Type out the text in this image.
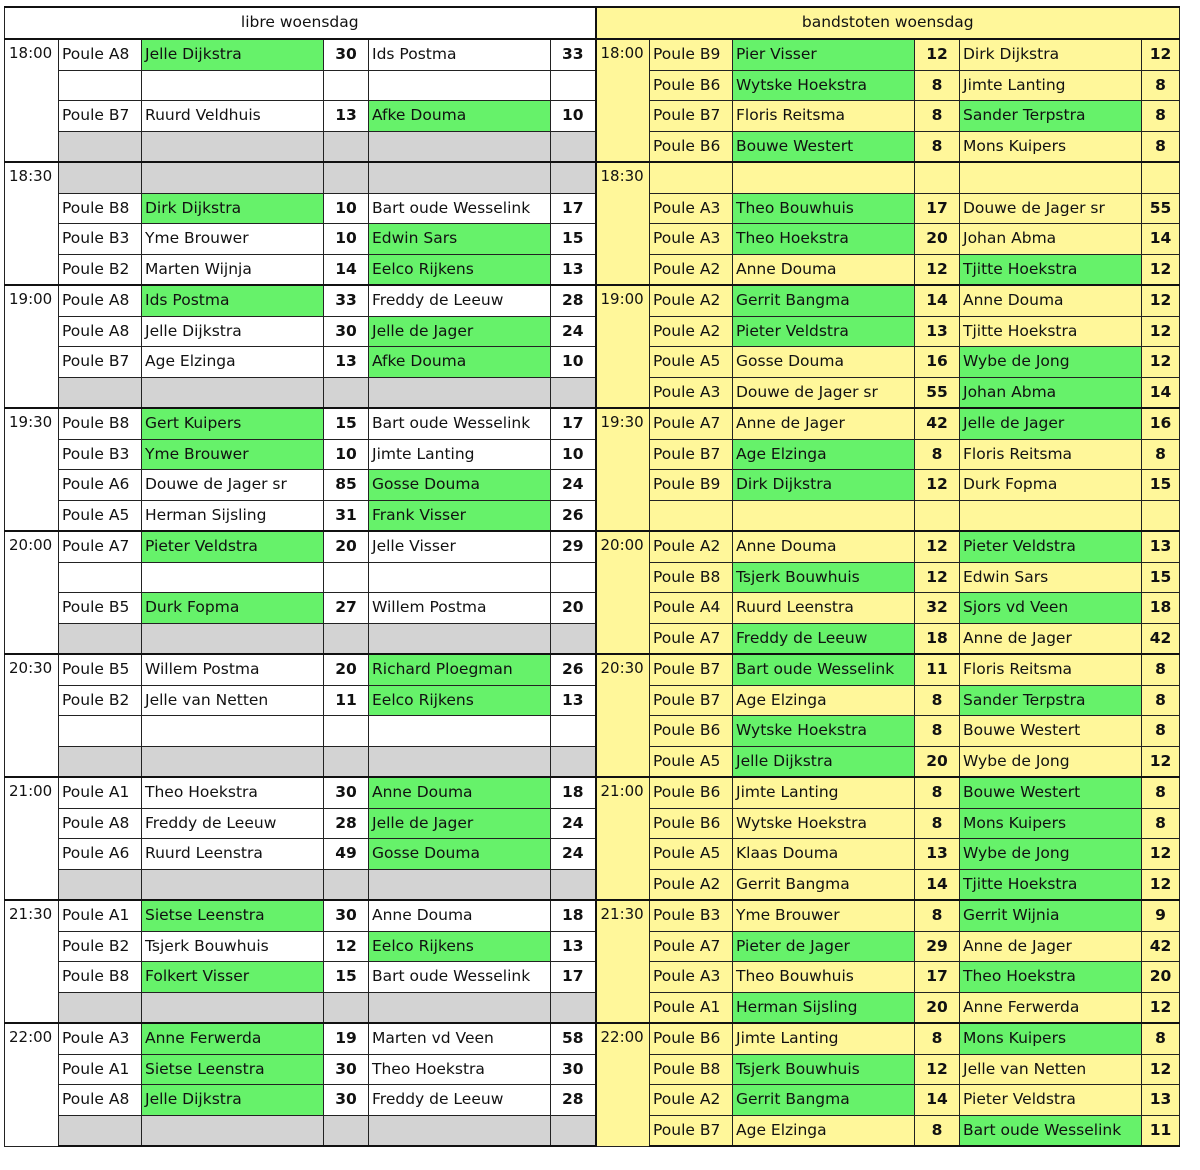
libre woensdag						bandstoten woensdag					
18:00	Poule A8	Jelle Dijkstra	30	Ids Postma	33	18:00	Poule B9	Pier Visser	12	Dirk Dijkstra	12
							Poule B6	Wytske Hoekstra	8	Jimte Lanting	8
	Poule B7	Ruurd Veldhuis	13	Afke Douma	10		Poule B7	Floris Reitsma	8	Sander Terpstra	8
							Poule B6	Bouwe Westert	8	Mons Kuipers	8
18:30						18:30					
	Poule B8	Dirk Dijkstra	10	Bart oude Wesselink	17		Poule A3	Theo Bouwhuis	17	Douwe de Jager sr	55
	Poule B3	Yme Brouwer	10	Edwin Sars	15		Poule A3	Theo Hoekstra	20	Johan Abma	14
	Poule B2	Marten Wijnja	14	Eelco Rijkens	13		Poule A2	Anne Douma	12	Tjitte Hoekstra	12
19:00	Poule A8	Ids Postma	33	Freddy de Leeuw	28	19:00	Poule A2	Gerrit Bangma	14	Anne Douma	12
	Poule A8	Jelle Dijkstra	30	Jelle de Jager	24		Poule A2	Pieter Veldstra	13	Tjitte Hoekstra	12
	Poule B7	Age Elzinga	13	Afke Douma	10		Poule A5	Gosse Douma	16	Wybe de Jong	12
							Poule A3	Douwe de Jager sr	55	Johan Abma	14
19:30	Poule B8	Gert Kuipers	15	Bart oude Wesselink	17	19:30	Poule A7	Anne de Jager	42	Jelle de Jager	16
	Poule B3	Yme Brouwer	10	Jimte Lanting	10		Poule B7	Age Elzinga	8	Floris Reitsma	8
	Poule A6	Douwe de Jager sr	85	Gosse Douma	24		Poule B9	Dirk Dijkstra	12	Durk Fopma	15
	Poule A5	Herman Sijsling	31	Frank Visser	26						
20:00	Poule A7	Pieter Veldstra	20	Jelle Visser	29	20:00	Poule A2	Anne Douma	12	Pieter Veldstra	13
							Poule B8	Tsjerk Bouwhuis	12	Edwin Sars	15
	Poule B5	Durk Fopma	27	Willem Postma	20		Poule A4	Ruurd Leenstra	32	Sjors vd Veen	18
							Poule A7	Freddy de Leeuw	18	Anne de Jager	42
20:30	Poule B5	Willem Postma	20	Richard Ploegman	26	20:30	Poule B7	Bart oude Wesselink	11	Floris Reitsma	8
	Poule B2	Jelle van Netten	11	Eelco Rijkens	13		Poule B7	Age Elzinga	8	Sander Terpstra	8
							Poule B6	Wytske Hoekstra	8	Bouwe Westert	8
							Poule A5	Jelle Dijkstra	20	Wybe de Jong	12
21:00	Poule A1	Theo Hoekstra	30	Anne Douma	18	21:00	Poule B6	Jimte Lanting	8	Bouwe Westert	8
	Poule A8	Freddy de Leeuw	28	Jelle de Jager	24		Poule B6	Wytske Hoekstra	8	Mons Kuipers	8
	Poule A6	Ruurd Leenstra	49	Gosse Douma	24		Poule A5	Klaas Douma	13	Wybe de Jong	12
							Poule A2	Gerrit Bangma	14	Tjitte Hoekstra	12
21:30	Poule A1	Sietse Leenstra	30	Anne Douma	18	21:30	Poule B3	Yme Brouwer	8	Gerrit Wijnia	9
	Poule B2	Tsjerk Bouwhuis	12	Eelco Rijkens	13		Poule A7	Pieter de Jager	29	Anne de Jager	42
	Poule B8	Folkert Visser	15	Bart oude Wesselink	17		Poule A3	Theo Bouwhuis	17	Theo Hoekstra	20
							Poule A1	Herman Sijsling	20	Anne Ferwerda	12
22:00	Poule A3	Anne Ferwerda	19	Marten vd Veen	58	22:00	Poule B6	Jimte Lanting	8	Mons Kuipers	8
	Poule A1	Sietse Leenstra	30	Theo Hoekstra	30		Poule B8	Tsjerk Bouwhuis	12	Jelle van Netten	12
	Poule A8	Jelle Dijkstra	30	Freddy de Leeuw	28		Poule A2	Gerrit Bangma	14	Pieter Veldstra	13
							Poule B7	Age Elzinga	8	Bart oude Wesselink	11
